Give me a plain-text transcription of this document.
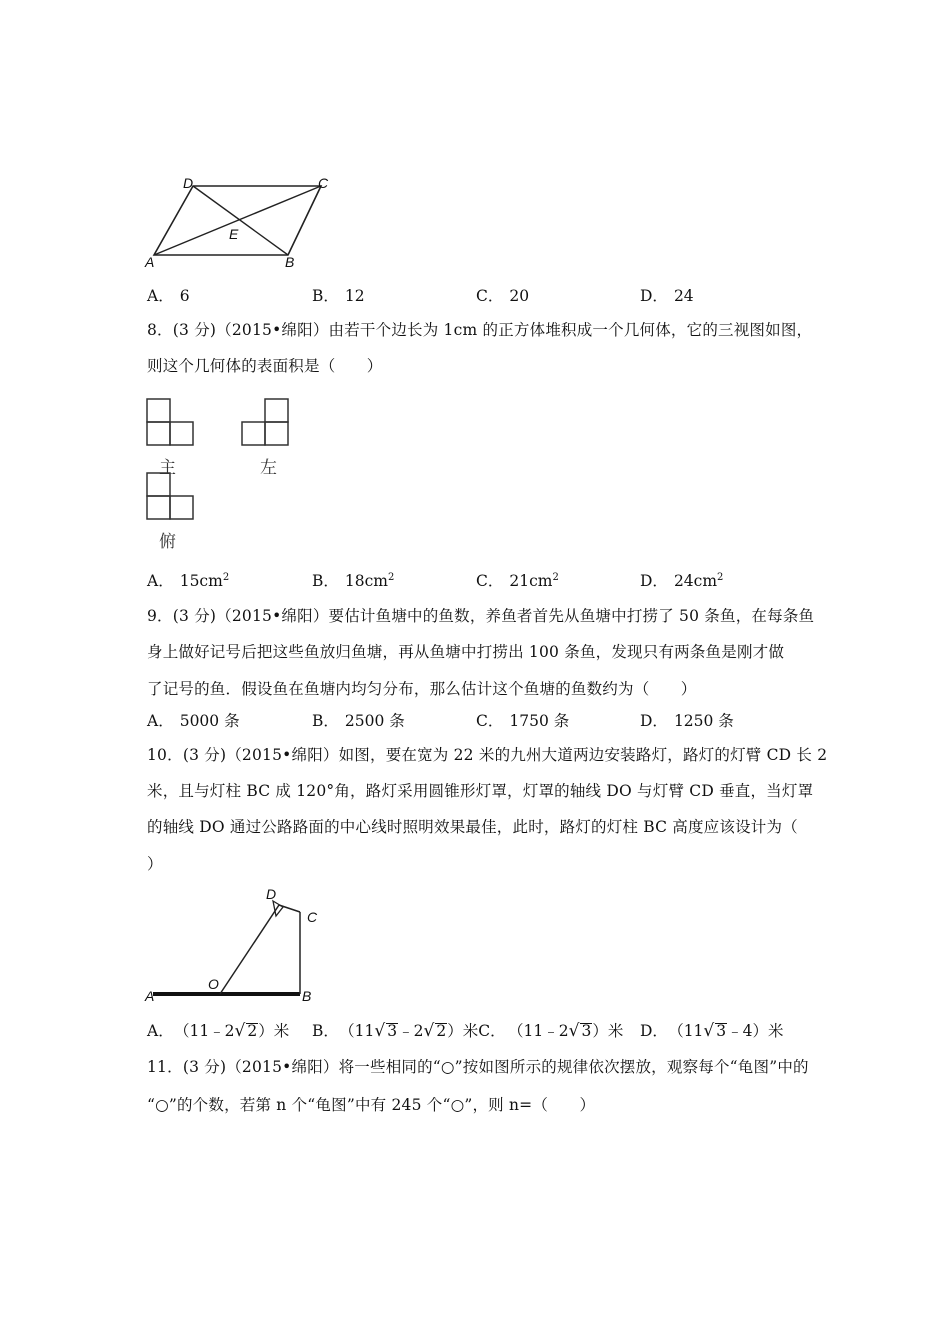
D	C
E
A	B
A． 6	B． 12	C． 20	D． 24
8．(3 分)（2015•绵阳）由若干个边长为 1cm 的正方体堆积成一个几何体，它的三视图如图，
则这个几何体的表面积是（　　）
主	左
俯
A． $15cm^2$	B． $18cm^2$	C． $21cm^2$	D． $24cm^2$
9．(3 分)（2015•绵阳）要估计鱼塘中的鱼数，养鱼者首先从鱼塘中打捞了 50 条鱼，在每条鱼
身上做好记号后把这些鱼放归鱼塘，再从鱼塘中打捞出 100 条鱼，发现只有两条鱼是刚才做
了记号的鱼．假设鱼在鱼塘内均匀分布，那么估计这个鱼塘的鱼数约为（　　）
A． 5000 条	B． 2500 条	C． 1750 条	D． 1250 条
10．(3 分)（2015•绵阳）如图，要在宽为 22 米的九州大道两边安装路灯，路灯的灯臂 CD 长 2
米，且与灯柱 BC 成 120°角，路灯采用圆锥形灯罩，灯罩的轴线 DO 与灯臂 CD 垂直，当灯罩
的轴线 DO 通过公路路面的中心线时照明效果最佳，此时，路灯的灯柱 BC 高度应该设计为（
）
D
C
O
A	B
A． （11﹣2√ 2）米 B． （11√ 3﹣2√ 2）米C． （11﹣2√ 3）米 D． （11√ 3﹣4）米
11．(3 分)（2015•绵阳）将一些相同的“○”按如图所示的规律依次摆放，观察每个“龟图”中的
“○”的个数，若第 n 个“龟图”中有 245 个“○”，则 n=（　　）
